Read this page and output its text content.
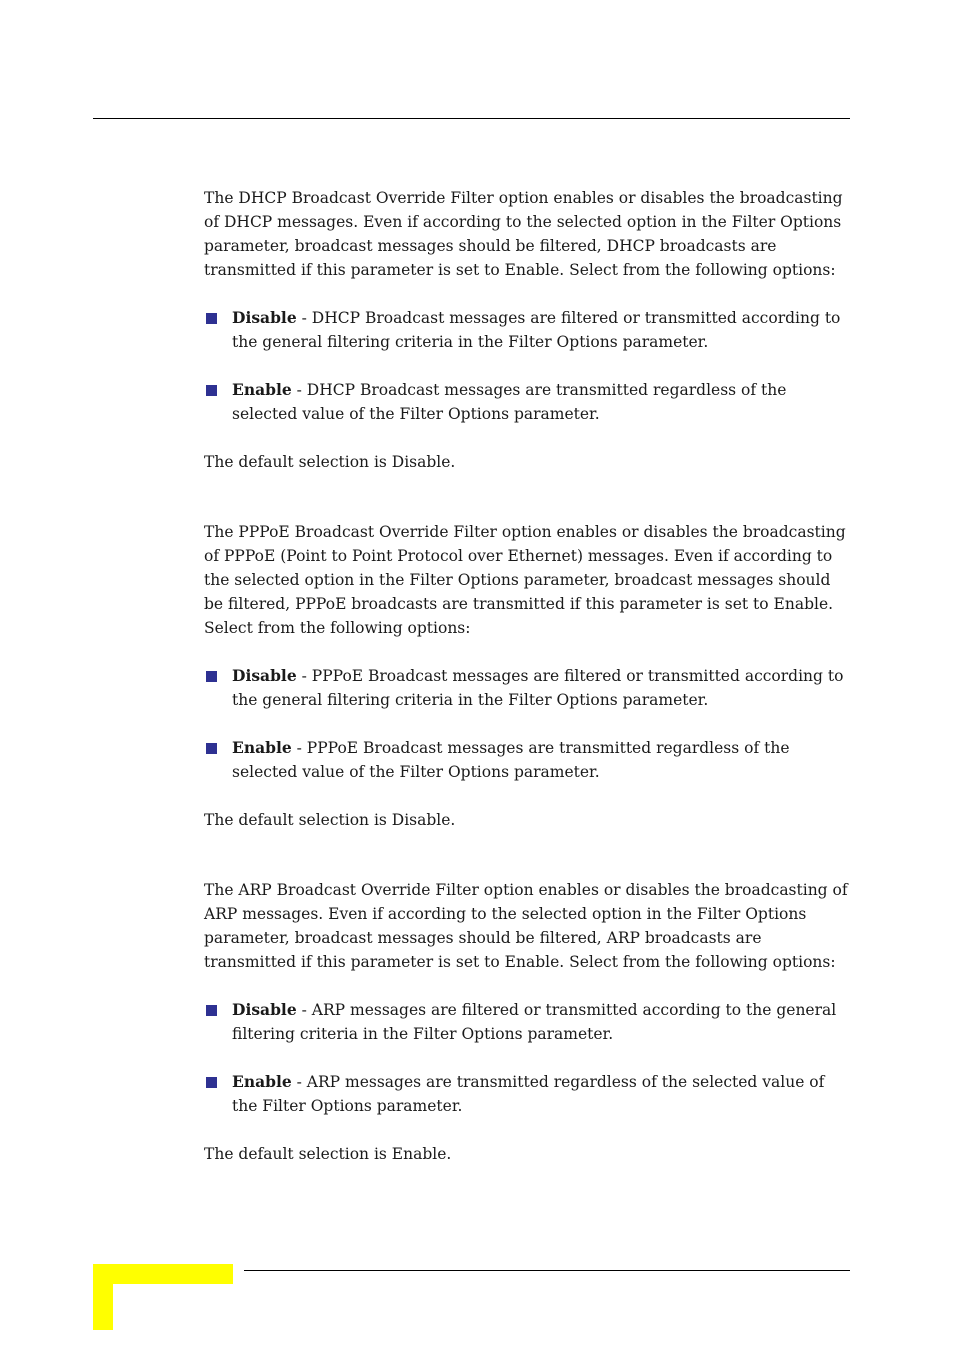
The DHCP Broadcast Override Filter option enables or disables the broadcasting of DHCP messages. Even if according to the selected option in the Filter Options parameter, broadcast messages should be filtered, DHCP broadcasts are transmitted if this parameter is set to Enable. Select from the following options:

Disable - DHCP Broadcast messages are filtered or transmitted according to the general filtering criteria in the Filter Options parameter.

Enable - DHCP Broadcast messages are transmitted regardless of the selected value of the Filter Options parameter.

The default selection is Disable.

The PPPoE Broadcast Override Filter option enables or disables the broadcasting of PPPoE (Point to Point Protocol over Ethernet) messages. Even if according to the selected option in the Filter Options parameter, broadcast messages should be filtered, PPPoE broadcasts are transmitted if this parameter is set to Enable. Select from the following options:

Disable - PPPoE Broadcast messages are filtered or transmitted according to the general filtering criteria in the Filter Options parameter.

Enable - PPPoE Broadcast messages are transmitted regardless of the selected value of the Filter Options parameter.

The default selection is Disable.

The ARP Broadcast Override Filter option enables or disables the broadcasting of ARP messages. Even if according to the selected option in the Filter Options parameter, broadcast messages should be filtered, ARP broadcasts are transmitted if this parameter is set to Enable. Select from the following options:

Disable - ARP messages are filtered or transmitted according to the general filtering criteria in the Filter Options parameter.

Enable - ARP messages are transmitted regardless of the selected value of the Filter Options parameter.

The default selection is Enable.
